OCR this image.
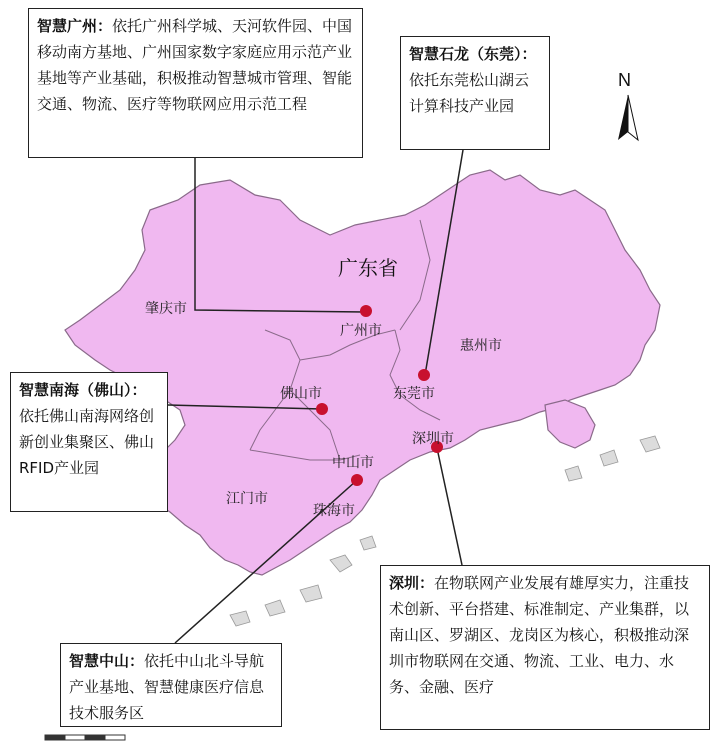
N
广东省
肇庆市
广州市
惠州市
佛山市	东莞市
深圳市
中山市
江门市
珠海市
智慧广州：依托广州科学城、天河软件园、中国移动南方基地、广州国家数字家庭应用示范产业基地等产业基础，积极推动智慧城市管理、智能交通、物流、医疗等物联网应用示范工程
智慧石龙（东莞）：依托东莞松山湖云计算科技产业园
智慧南海（佛山）：依托佛山南海网络创新创业集聚区、佛山RFID产业园
智慧中山：依托中山北斗导航产业基地、智慧健康医疗信息技术服务区
深圳：在物联网产业发展有雄厚实力，注重技术创新、平台搭建、标准制定、产业集群，以南山区、罗湖区、龙岗区为核心，积极推动深圳市物联网在交通、物流、工业、电力、水务、金融、医疗
